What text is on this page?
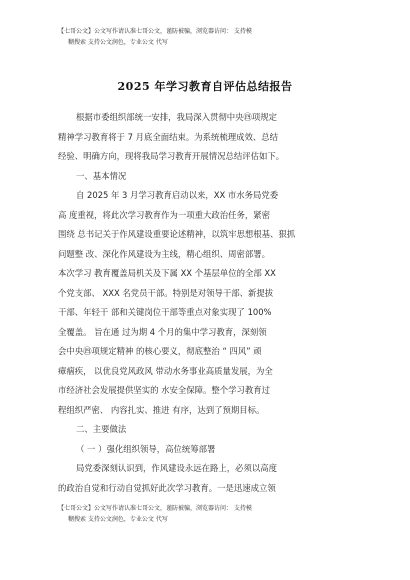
【七哥公文】公文写作请认准七哥公文，谨防被骗，浏览器访问： 支持模
糊搜索 支持公文润色，专业公文 代写
2025 年学习教育自评估总结报告
根据市委组织部统一安排，我局深入贯彻中央㊃项规定
精神学习教育将于 7 月底全面结束。为系统梳理成效、总结
经验、明确方向，现将我局学习教育开展情况总结评估如下。
一、基本情况
自 2025 年 3 月学习教育启动以来，XX 市水务局党委
高 度重视，将此次学习教育作为一项重大政治任务，紧密
围绕 总书记关于作风建设重要论述精神，以筑牢思想根基、狠抓
问题整 改、深化作风建设为主线，精心组织、周密部署。
本次学习 教育覆盖局机关及下属 XX 个基层单位的全部 XX
个党支部、 XXX 名党员干部。特别是对领导干部、新提拔
干部、年轻干 部和关键岗位干部等重点对象实现了 100%
全覆盖。 旨在通 过为期 4 个月的集中学习教育，深刻领
会中央㊃项规定精神 的核心要义，彻底整治 “ 四风” 顽
瘴痼疾， 以优良党风政风 带动水务事业高质量发展，为全
市经济社会发展提供坚实的 水安全保障。整个学习教育过
程组织严密、 内容扎实、推进 有序，达到了预期目标。
二、主要做法
（ 一 ）强化组织领导，高位统筹部署
局党委深刻认识到，作风建设永远在路上，必须以高度
的政治自觉和行动自觉抓好此次学习教育。一是迅速成立领
【七哥公文】公文写作请认准七哥公文，谨防被骗，浏览器访问： 支持模
糊搜索 支持公文润色，专业公文 代写
